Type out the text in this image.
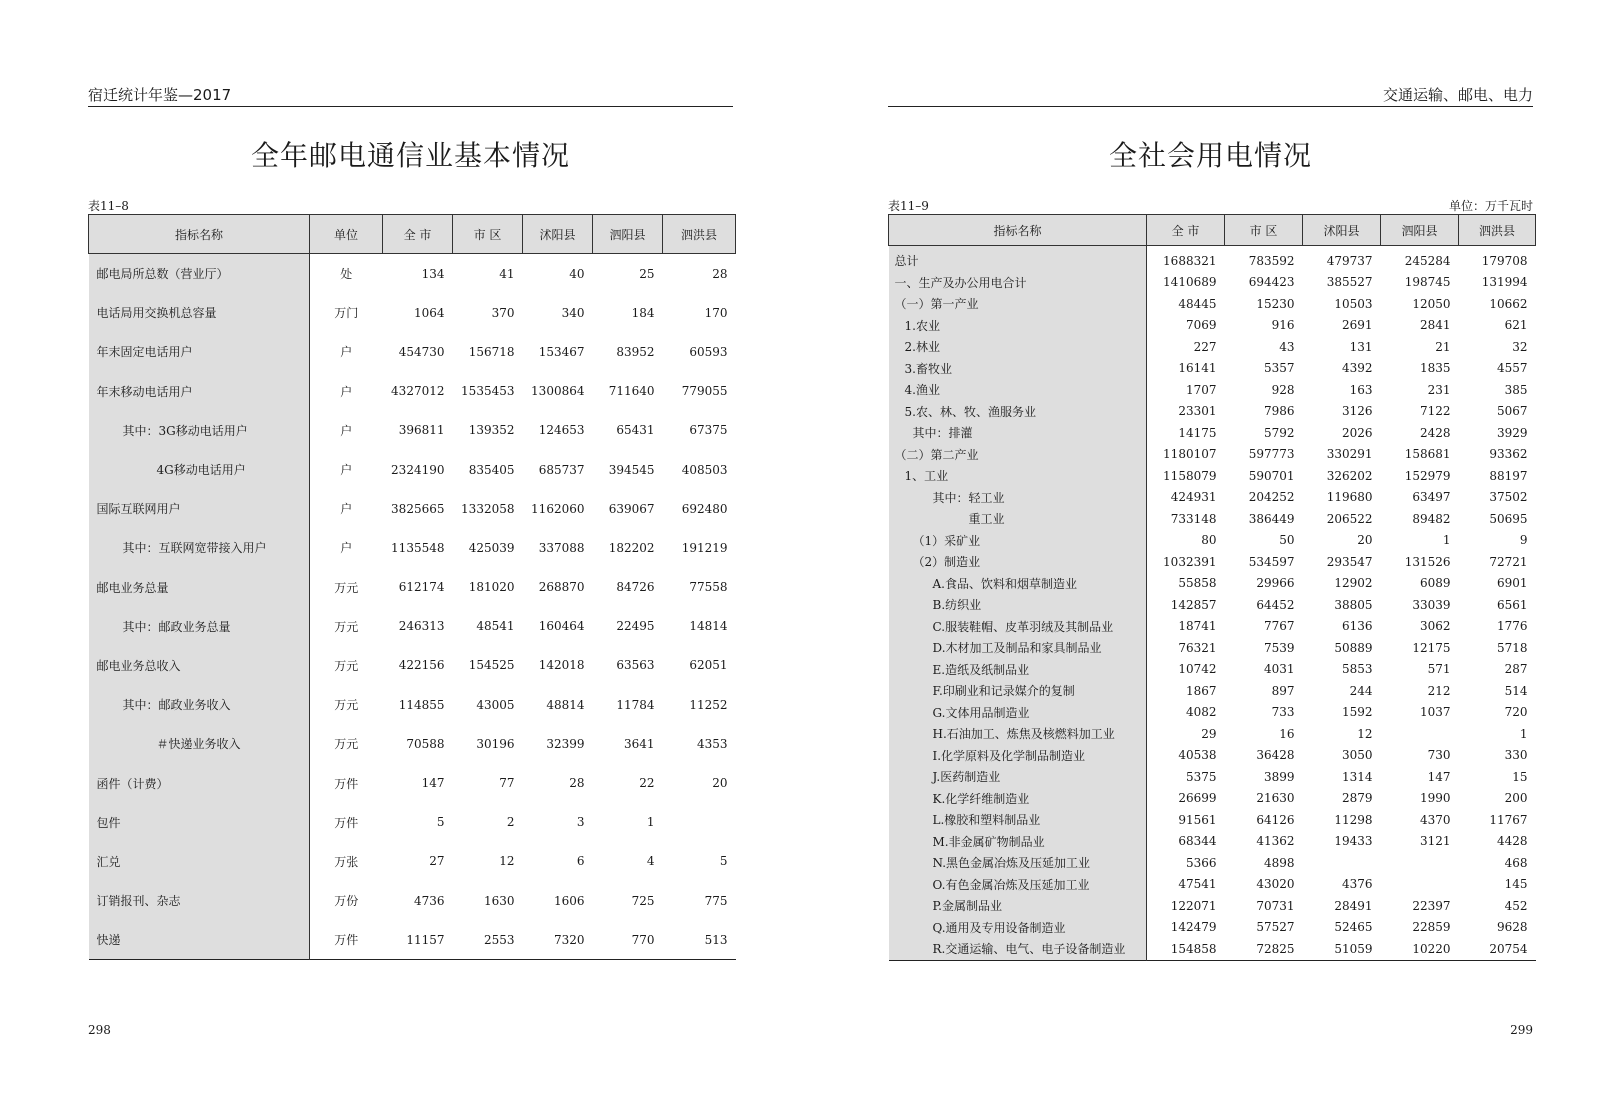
宿迁统计年鉴—2017
全年邮电通信业基本情况
表11–8
指标名称	单位	全 市	市 区	沭阳县	泗阳县	泗洪县
邮电局所总数（营业厅）	处	134	41	40	25	28
电话局用交换机总容量	万门	1064	370	340	184	170
年末固定电话用户	户	454730	156718	153467	83952	60593
年末移动电话用户	户	4327012	1535453	1300864	711640	779055
其中：3G移动电话用户	户	396811	139352	124653	65431	67375
4G移动电话用户	户	2324190	835405	685737	394545	408503
国际互联网用户	户	3825665	1332058	1162060	639067	692480
其中：互联网宽带接入用户	户	1135548	425039	337088	182202	191219
邮电业务总量	万元	612174	181020	268870	84726	77558
其中：邮政业务总量	万元	246313	48541	160464	22495	14814
邮电业务总收入	万元	422156	154525	142018	63563	62051
其中：邮政业务收入	万元	114855	43005	48814	11784	11252
＃快递业务收入	万元	70588	30196	32399	3641	4353
函件（计费）	万件	147	77	28	22	20
包件	万件	5	2	3	1	
汇兑	万张	27	12	6	4	5
订销报刊、杂志	万份	4736	1630	1606	725	775
快递	万件	11157	2553	7320	770	513
298
交通运输、邮电、电力
全社会用电情况
表11–9	单位：万千瓦时
指标名称	全 市	市 区	沭阳县	泗阳县	泗洪县
总计	1688321	783592	479737	245284	179708
一、生产及办公用电合计	1410689	694423	385527	198745	131994
（一）第一产业	48445	15230	10503	12050	10662
1.农业	7069	916	2691	2841	621
2.林业	227	43	131	21	32
3.畜牧业	16141	5357	4392	1835	4557
4.渔业	1707	928	163	231	385
5.农、林、牧、渔服务业	23301	7986	3126	7122	5067
其中：排灌	14175	5792	2026	2428	3929
（二）第二产业	1180107	597773	330291	158681	93362
1、工业	1158079	590701	326202	152979	88197
其中：轻工业	424931	204252	119680	63497	37502
重工业	733148	386449	206522	89482	50695
（1）采矿业	80	50	20	1	9
（2）制造业	1032391	534597	293547	131526	72721
A.食品、饮料和烟草制造业	55858	29966	12902	6089	6901
B.纺织业	142857	64452	38805	33039	6561
C.服装鞋帽、皮革羽绒及其制品业	18741	7767	6136	3062	1776
D.木材加工及制品和家具制品业	76321	7539	50889	12175	5718
E.造纸及纸制品业	10742	4031	5853	571	287
F.印刷业和记录媒介的复制	1867	897	244	212	514
G.文体用品制造业	4082	733	1592	1037	720
H.石油加工、炼焦及核燃料加工业	29	16	12		1
I.化学原料及化学制品制造业	40538	36428	3050	730	330
J.医药制造业	5375	3899	1314	147	15
K.化学纤维制造业	26699	21630	2879	1990	200
L.橡胶和塑料制品业	91561	64126	11298	4370	11767
M.非金属矿物制品业	68344	41362	19433	3121	4428
N.黑色金属冶炼及压延加工业	5366	4898			468
O.有色金属冶炼及压延加工业	47541	43020	4376		145
P.金属制品业	122071	70731	28491	22397	452
Q.通用及专用设备制造业	142479	57527	52465	22859	9628
R.交通运输、电气、电子设备制造业	154858	72825	51059	10220	20754
299
